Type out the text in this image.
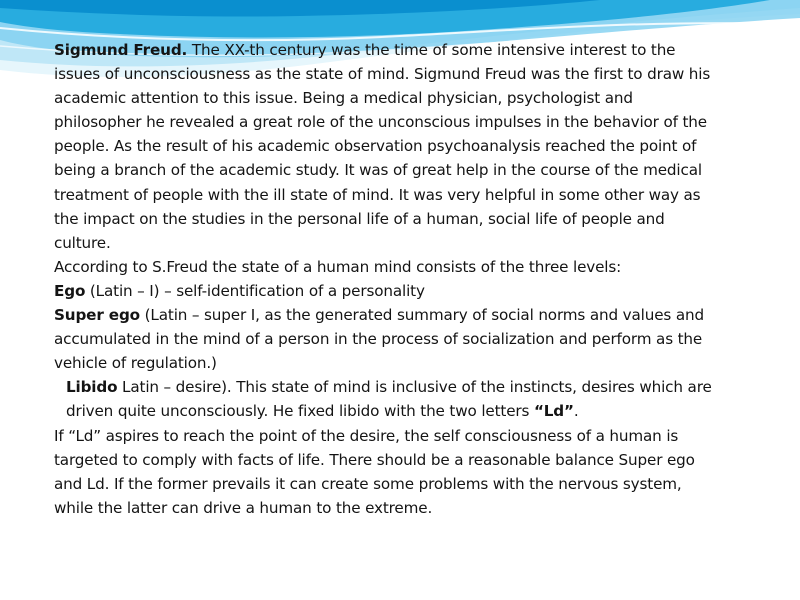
Sigmund Freud. The XX-th century was the time of some intensive interest to the issues of unconsciousness as the state of mind. Sigmund Freud was the first to draw his academic attention to this issue. Being a medical physician, psychologist and philosopher he revealed a great role of the unconscious impulses in the behavior of the people. As the result of his academic observation psychoanalysis reached the point of being a branch of the academic study. It was of great help in the course of the medical treatment of people with the ill state of mind. It was very helpful in some other way as the impact on the studies in the personal life of a human, social life of people and culture.

According to S.Freud the state of a human mind consists of the three levels:

Ego (Latin – I) – self-identification of a personality

Super ego (Latin – super I, as the generated summary of social norms and values and accumulated in the mind of a person in the process of socialization and perform as the vehicle of regulation.)

Libido Latin – desire). This state of mind is inclusive of the instincts, desires which are driven quite unconsciously. He fixed libido with the two letters “Ld”.

If “Ld” aspires to reach the point of the desire, the self consciousness of a human is targeted to comply with facts of life. There should be a reasonable balance Super ego and Ld. If the former prevails it can create some problems with the nervous system, while the latter can drive a human to the extreme.
